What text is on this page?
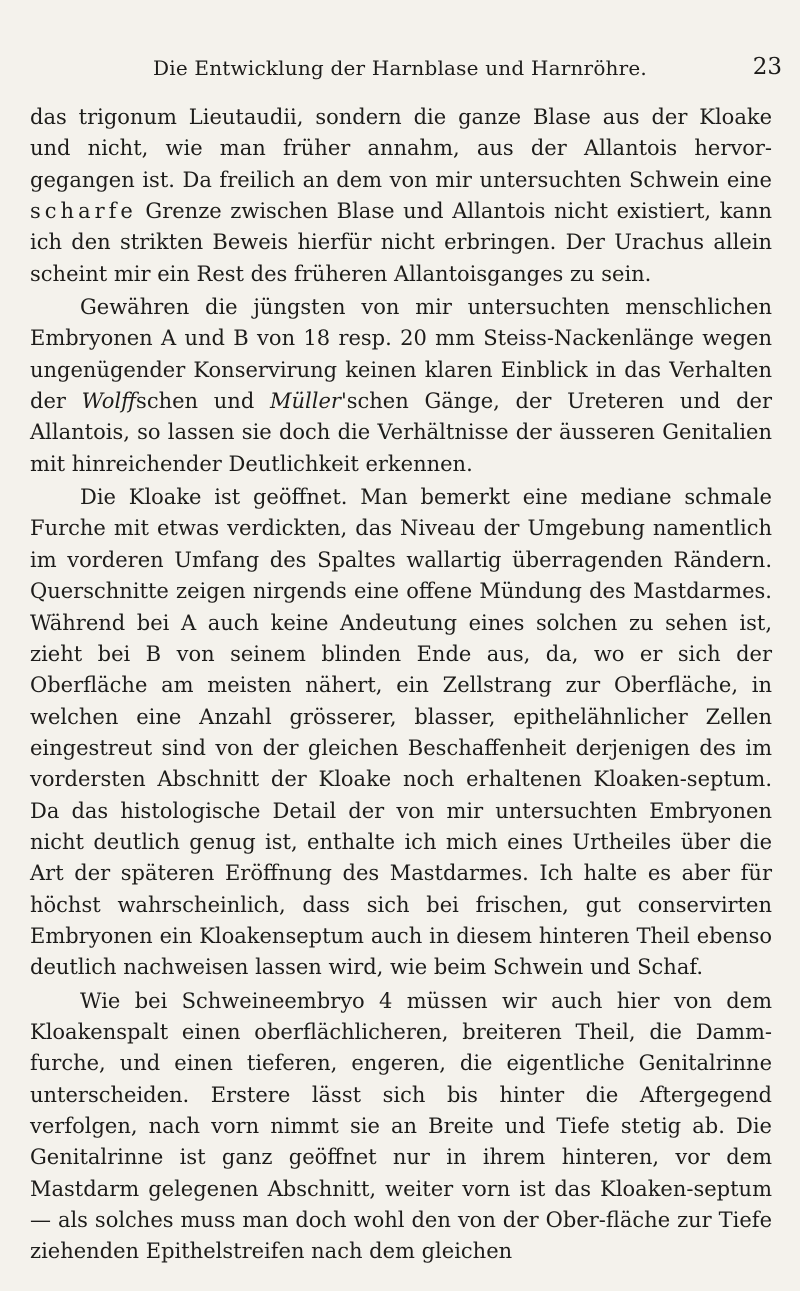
Die Entwicklung der Harnblase und Harnröhre.	23

das trigonum Lieutaudii, sondern die ganze Blase aus der Kloake und nicht, wie man früher annahm, aus der Allantois hervor-gegangen ist. Da freilich an dem von mir untersuchten Schwein eine scharfe Grenze zwischen Blase und Allantois nicht existiert, kann ich den strikten Beweis hierfür nicht erbringen. Der Urachus allein scheint mir ein Rest des früheren Allantoisganges zu sein.

Gewähren die jüngsten von mir untersuchten menschlichen Embryonen A und B von 18 resp. 20 mm Steiss-Nackenlänge wegen ungenügender Konservirung keinen klaren Einblick in das Verhalten der Wolffschen und Müller'schen Gänge, der Ureteren und der Allantois, so lassen sie doch die Verhältnisse der äusseren Genitalien mit hinreichender Deutlichkeit erkennen.

Die Kloake ist geöffnet. Man bemerkt eine mediane schmale Furche mit etwas verdickten, das Niveau der Umgebung namentlich im vorderen Umfang des Spaltes wallartig überragenden Rändern. Querschnitte zeigen nirgends eine offene Mündung des Mastdarmes. Während bei A auch keine Andeutung eines solchen zu sehen ist, zieht bei B von seinem blinden Ende aus, da, wo er sich der Oberfläche am meisten nähert, ein Zellstrang zur Oberfläche, in welchen eine Anzahl grösserer, blasser, epithelähnlicher Zellen eingestreut sind von der gleichen Beschaffenheit derjenigen des im vordersten Abschnitt der Kloake noch erhaltenen Kloaken-septum. Da das histologische Detail der von mir untersuchten Embryonen nicht deutlich genug ist, enthalte ich mich eines Urtheiles über die Art der späteren Eröffnung des Mastdarmes. Ich halte es aber für höchst wahrscheinlich, dass sich bei frischen, gut conservirten Embryonen ein Kloakenseptum auch in diesem hinteren Theil ebenso deutlich nachweisen lassen wird, wie beim Schwein und Schaf.

Wie bei Schweineembryo 4 müssen wir auch hier von dem Kloakenspalt einen oberflächlicheren, breiteren Theil, die Damm-furche, und einen tieferen, engeren, die eigentliche Genitalrinne unterscheiden. Erstere lässt sich bis hinter die Aftergegend verfolgen, nach vorn nimmt sie an Breite und Tiefe stetig ab. Die Genitalrinne ist ganz geöffnet nur in ihrem hinteren, vor dem Mastdarm gelegenen Abschnitt, weiter vorn ist das Kloaken-septum — als solches muss man doch wohl den von der Ober-fläche zur Tiefe ziehenden Epithelstreifen nach dem gleichen
